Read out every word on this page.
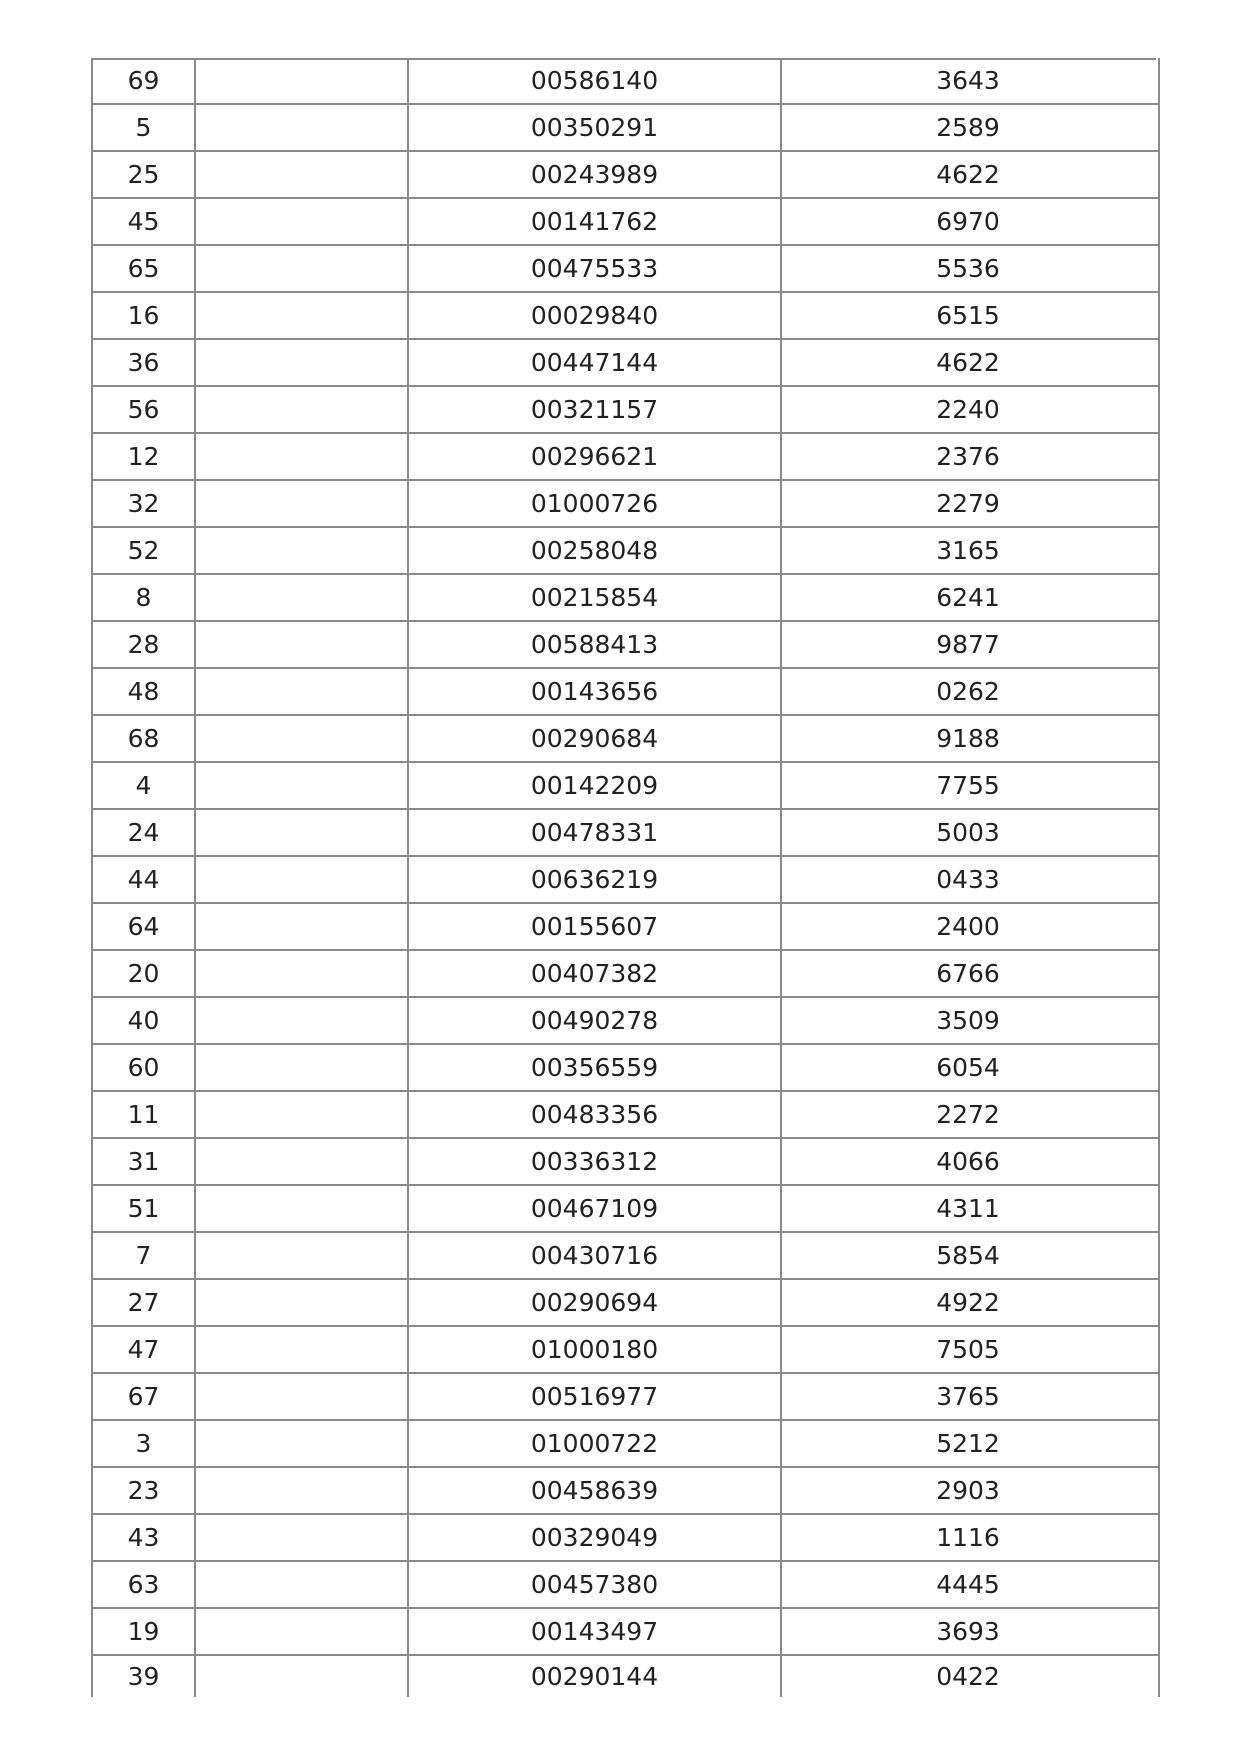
69	00586140	3643
5	00350291	2589
25	00243989	4622
45	00141762	6970
65	00475533	5536
16	00029840	6515
36	00447144	4622
56	00321157	2240
12	00296621	2376
32	01000726	2279
52	00258048	3165
8	00215854	6241
28	00588413	9877
48	00143656	0262
68	00290684	9188
4	00142209	7755
24	00478331	5003
44	00636219	0433
64	00155607	2400
20	00407382	6766
40	00490278	3509
60	00356559	6054
11	00483356	2272
31	00336312	4066
51	00467109	4311
7	00430716	5854
27	00290694	4922
47	01000180	7505
67	00516977	3765
3	01000722	5212
23	00458639	2903
43	00329049	1116
63	00457380	4445
19	00143497	3693
39	00290144	0422
